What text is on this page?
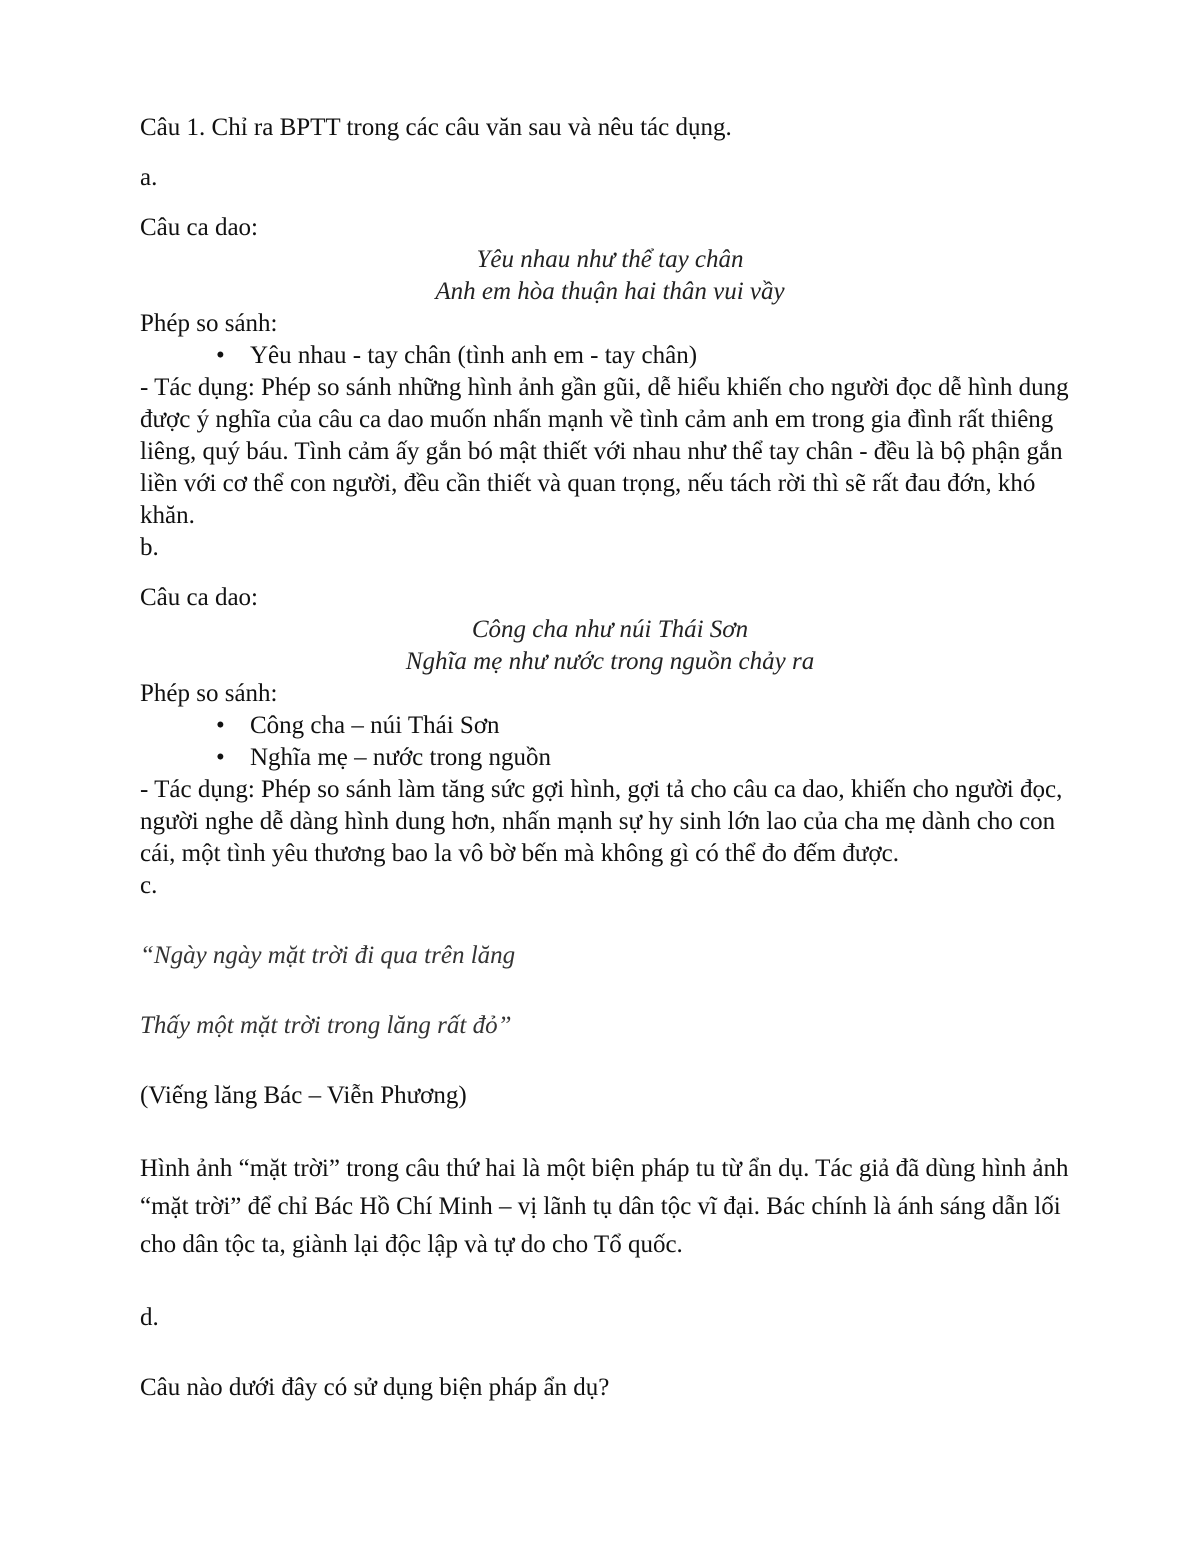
Câu 1. Chỉ ra BPTT trong các câu văn sau và nêu tác dụng.

a.

Câu ca dao:

Yêu nhau như thể tay chân

Anh em hòa thuận hai thân vui vầy

Phép so sánh:

• Yêu nhau - tay chân (tình anh em - tay chân)

- Tác dụng: Phép so sánh những hình ảnh gần gũi, dễ hiểu khiến cho người đọc dễ hình dung được ý nghĩa của câu ca dao muốn nhấn mạnh về tình cảm anh em trong gia đình rất thiêng liêng, quý báu. Tình cảm ấy gắn bó mật thiết với nhau như thể tay chân - đều là bộ phận gắn liền với cơ thể con người, đều cần thiết và quan trọng, nếu tách rời thì sẽ rất đau đớn, khó khăn.

b.

Câu ca dao:

Công cha như núi Thái Sơn

Nghĩa mẹ như nước trong nguồn chảy ra

Phép so sánh:

• Công cha – núi Thái Sơn
• Nghĩa mẹ – nước trong nguồn

- Tác dụng: Phép so sánh làm tăng sức gợi hình, gợi tả cho câu ca dao, khiến cho người đọc, người nghe dễ dàng hình dung hơn, nhấn mạnh sự hy sinh lớn lao của cha mẹ dành cho con cái, một tình yêu thương bao la vô bờ bến mà không gì có thể đo đếm được.

c.

“Ngày ngày mặt trời đi qua trên lăng

Thấy một mặt trời trong lăng rất đỏ”

(Viếng lăng Bác – Viễn Phương)

Hình ảnh “mặt trời” trong câu thứ hai là một biện pháp tu từ ẩn dụ. Tác giả đã dùng hình ảnh “mặt trời” để chỉ Bác Hồ Chí Minh – vị lãnh tụ dân tộc vĩ đại. Bác chính là ánh sáng dẫn lối cho dân tộc ta, giành lại độc lập và tự do cho Tổ quốc.

d.

Câu nào dưới đây có sử dụng biện pháp ẩn dụ?
